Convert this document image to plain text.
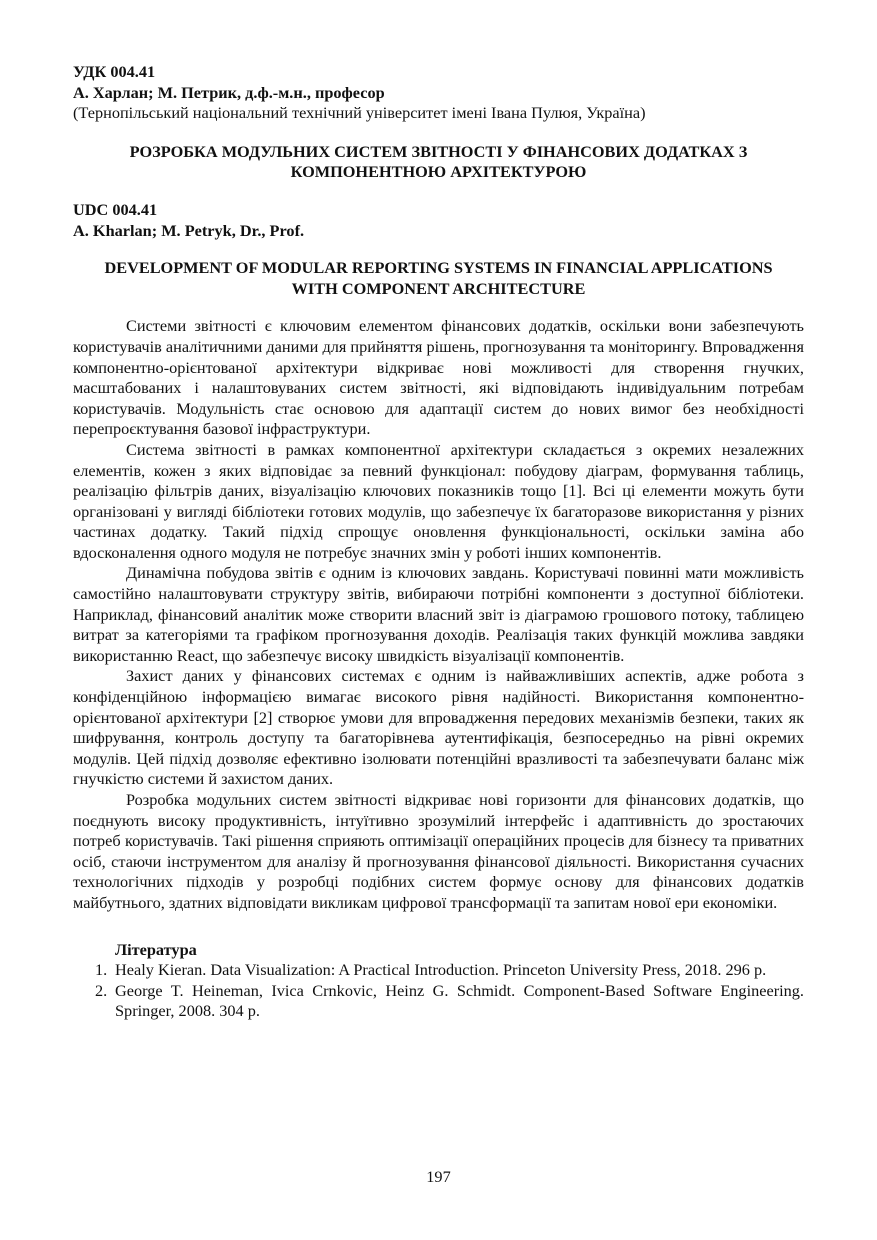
УДК 004.41

А. Харлан; М. Петрик, д.ф.-м.н., професор

(Тернопільський національний технічний університет імені Івана Пулюя, Україна)

РОЗРОБКА МОДУЛЬНИХ СИСТЕМ ЗВІТНОСТІ У ФІНАНСОВИХ ДОДАТКАХ З

КОМПОНЕНТНОЮ АРХІТЕКТУРОЮ

UDC 004.41

A. Kharlan; M. Petryk, Dr., Prof.

DEVELOPMENT OF MODULAR REPORTING SYSTEMS IN FINANCIAL APPLICATIONS

WITH COMPONENT ARCHITECTURE

Системи звітності є ключовим елементом фінансових додатків, оскільки вони забезпечують користувачів аналітичними даними для прийняття рішень, прогнозування та моніторингу. Впровадження компонентно-орієнтованої архітектури відкриває нові можливості для створення гнучких, масштабованих і налаштовуваних систем звітності, які відповідають індивідуальним потребам користувачів. Модульність стає основою для адаптації систем до нових вимог без необхідності перепроєктування базової інфраструктури.

Система звітності в рамках компонентної архітектури складається з окремих незалежних елементів, кожен з яких відповідає за певний функціонал: побудову діаграм, формування таблиць, реалізацію фільтрів даних, візуалізацію ключових показників тощо [1]. Всі ці елементи можуть бути організовані у вигляді бібліотеки готових модулів, що забезпечує їх багаторазове використання у різних частинах додатку. Такий підхід спрощує оновлення функціональності, оскільки заміна або вдосконалення одного модуля не потребує значних змін у роботі інших компонентів.

Динамічна побудова звітів є одним із ключових завдань. Користувачі повинні мати можливість самостійно налаштовувати структуру звітів, вибираючи потрібні компоненти з доступної бібліотеки. Наприклад, фінансовий аналітик може створити власний звіт із діаграмою грошового потоку, таблицею витрат за категоріями та графіком прогнозування доходів. Реалізація таких функцій можлива завдяки використанню React, що забезпечує високу швидкість візуалізації компонентів.

Захист даних у фінансових системах є одним із найважливіших аспектів, адже робота з конфіденційною інформацією вимагає високого рівня надійності. Використання компонентно-орієнтованої архітектури [2] створює умови для впровадження передових механізмів безпеки, таких як шифрування, контроль доступу та багаторівнева аутентифікація, безпосередньо на рівні окремих модулів. Цей підхід дозволяє ефективно ізолювати потенційні вразливості та забезпечувати баланс між гнучкістю системи й захистом даних.

Розробка модульних систем звітності відкриває нові горизонти для фінансових додатків, що поєднують високу продуктивність, інтуїтивно зрозумілий інтерфейс і адаптивність до зростаючих потреб користувачів. Такі рішення сприяють оптимізації операційних процесів для бізнесу та приватних осіб, стаючи інструментом для аналізу й прогнозування фінансової діяльності. Використання сучасних технологічних підходів у розробці подібних систем формує основу для фінансових додатків майбутнього, здатних відповідати викликам цифрової трансформації та запитам нової ери економіки.

Література

1. Healy Kieran. Data Visualization: A Practical Introduction. Princeton University Press, 2018. 296 p.
2. George T. Heineman, Ivica Crnkovic, Heinz G. Schmidt. Component-Based Software Engineering. Springer, 2008. 304 p.
197
